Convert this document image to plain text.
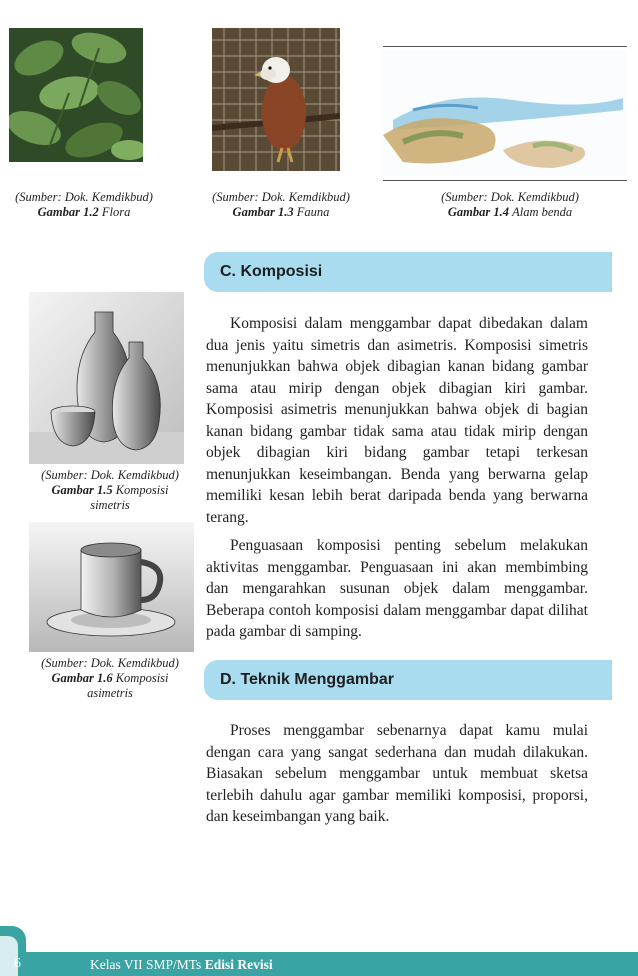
(Sumber: Dok. Kemdikbud)
Gambar 1.2 Flora
(Sumber: Dok. Kemdikbud)
Gambar 1.3 Fauna
(Sumber: Dok. Kemdikbud)
Gambar 1.4 Alam benda
C. Komposisi
(Sumber: Dok. Kemdikbud)
Gambar 1.5 Komposisi
simetris
(Sumber: Dok. Kemdikbud)
Gambar 1.6 Komposisi
asimetris

Komposisi dalam menggambar dapat dibedakan dalam dua jenis yaitu simetris dan asimetris. Komposisi simetris menunjukkan bahwa objek dibagian kanan bidang gambar sama atau mirip dengan objek dibagian kiri gambar. Komposisi asimetris menunjukkan bahwa objek di bagian kanan bidang gambar tidak sama atau tidak mirip dengan objek dibagian kiri bidang gambar tetapi terkesan menunjukkan keseimbangan. Benda yang berwarna gelap memiliki kesan lebih berat daripada benda yang berwarna terang.

Penguasaan komposisi penting sebelum melakukan aktivitas menggambar. Penguasaan ini akan membimbing dan mengarahkan susunan objek dalam menggambar. Beberapa contoh komposisi dalam menggambar dapat dilihat pada gambar di samping.

D. Teknik Menggambar

Proses menggambar sebenarnya dapat kamu mulai dengan cara yang sangat sederhana dan mudah dilakukan. Biasakan sebelum menggambar untuk membuat sketsa terlebih dahulu agar gambar memiliki komposisi, proporsi, dan keseimbangan yang baik.

6	Kelas VII SMP/MTs Edisi Revisi
